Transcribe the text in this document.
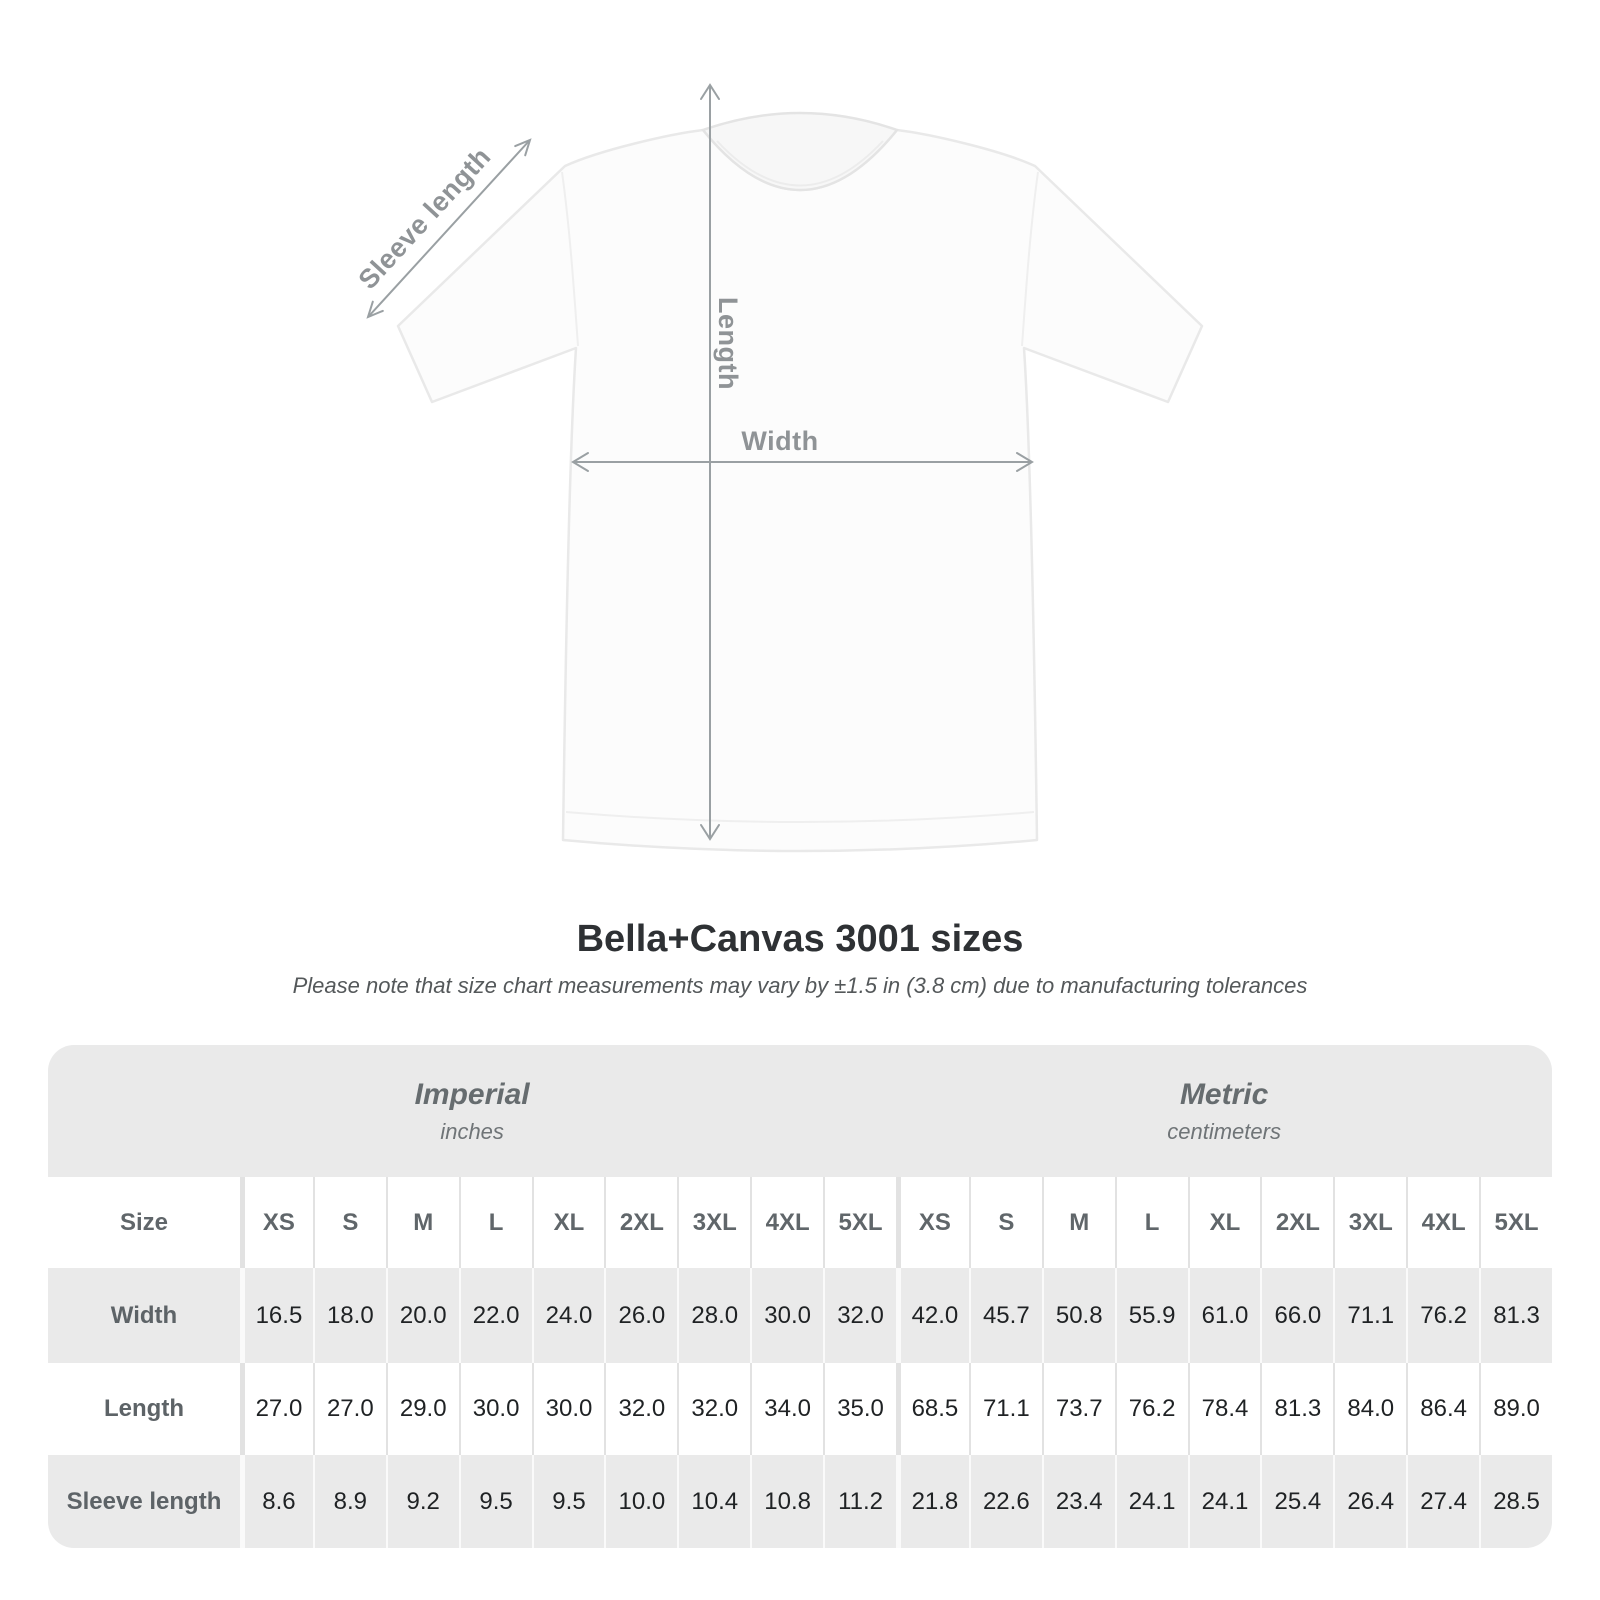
Sleeve length
Length
Width
Bella+Canvas 3001 sizes

Please note that size chart measurements may vary by ±1.5 in (3.8 cm) due to manufacturing tolerances

Imperial
inches
Metric
centimeters
Size	XS	S	M	L	XL	2XL	3XL	4XL	5XL	XS	S	M	L	XL	2XL	3XL	4XL	5XL
Width	16.5	18.0	20.0	22.0	24.0	26.0	28.0	30.0	32.0	42.0	45.7	50.8	55.9	61.0	66.0	71.1	76.2	81.3
Length	27.0	27.0	29.0	30.0	30.0	32.0	32.0	34.0	35.0	68.5	71.1	73.7	76.2	78.4	81.3	84.0	86.4	89.0
Sleeve length	8.6	8.9	9.2	9.5	9.5	10.0	10.4	10.8	11.2	21.8	22.6	23.4	24.1	24.1	25.4	26.4	27.4	28.5
